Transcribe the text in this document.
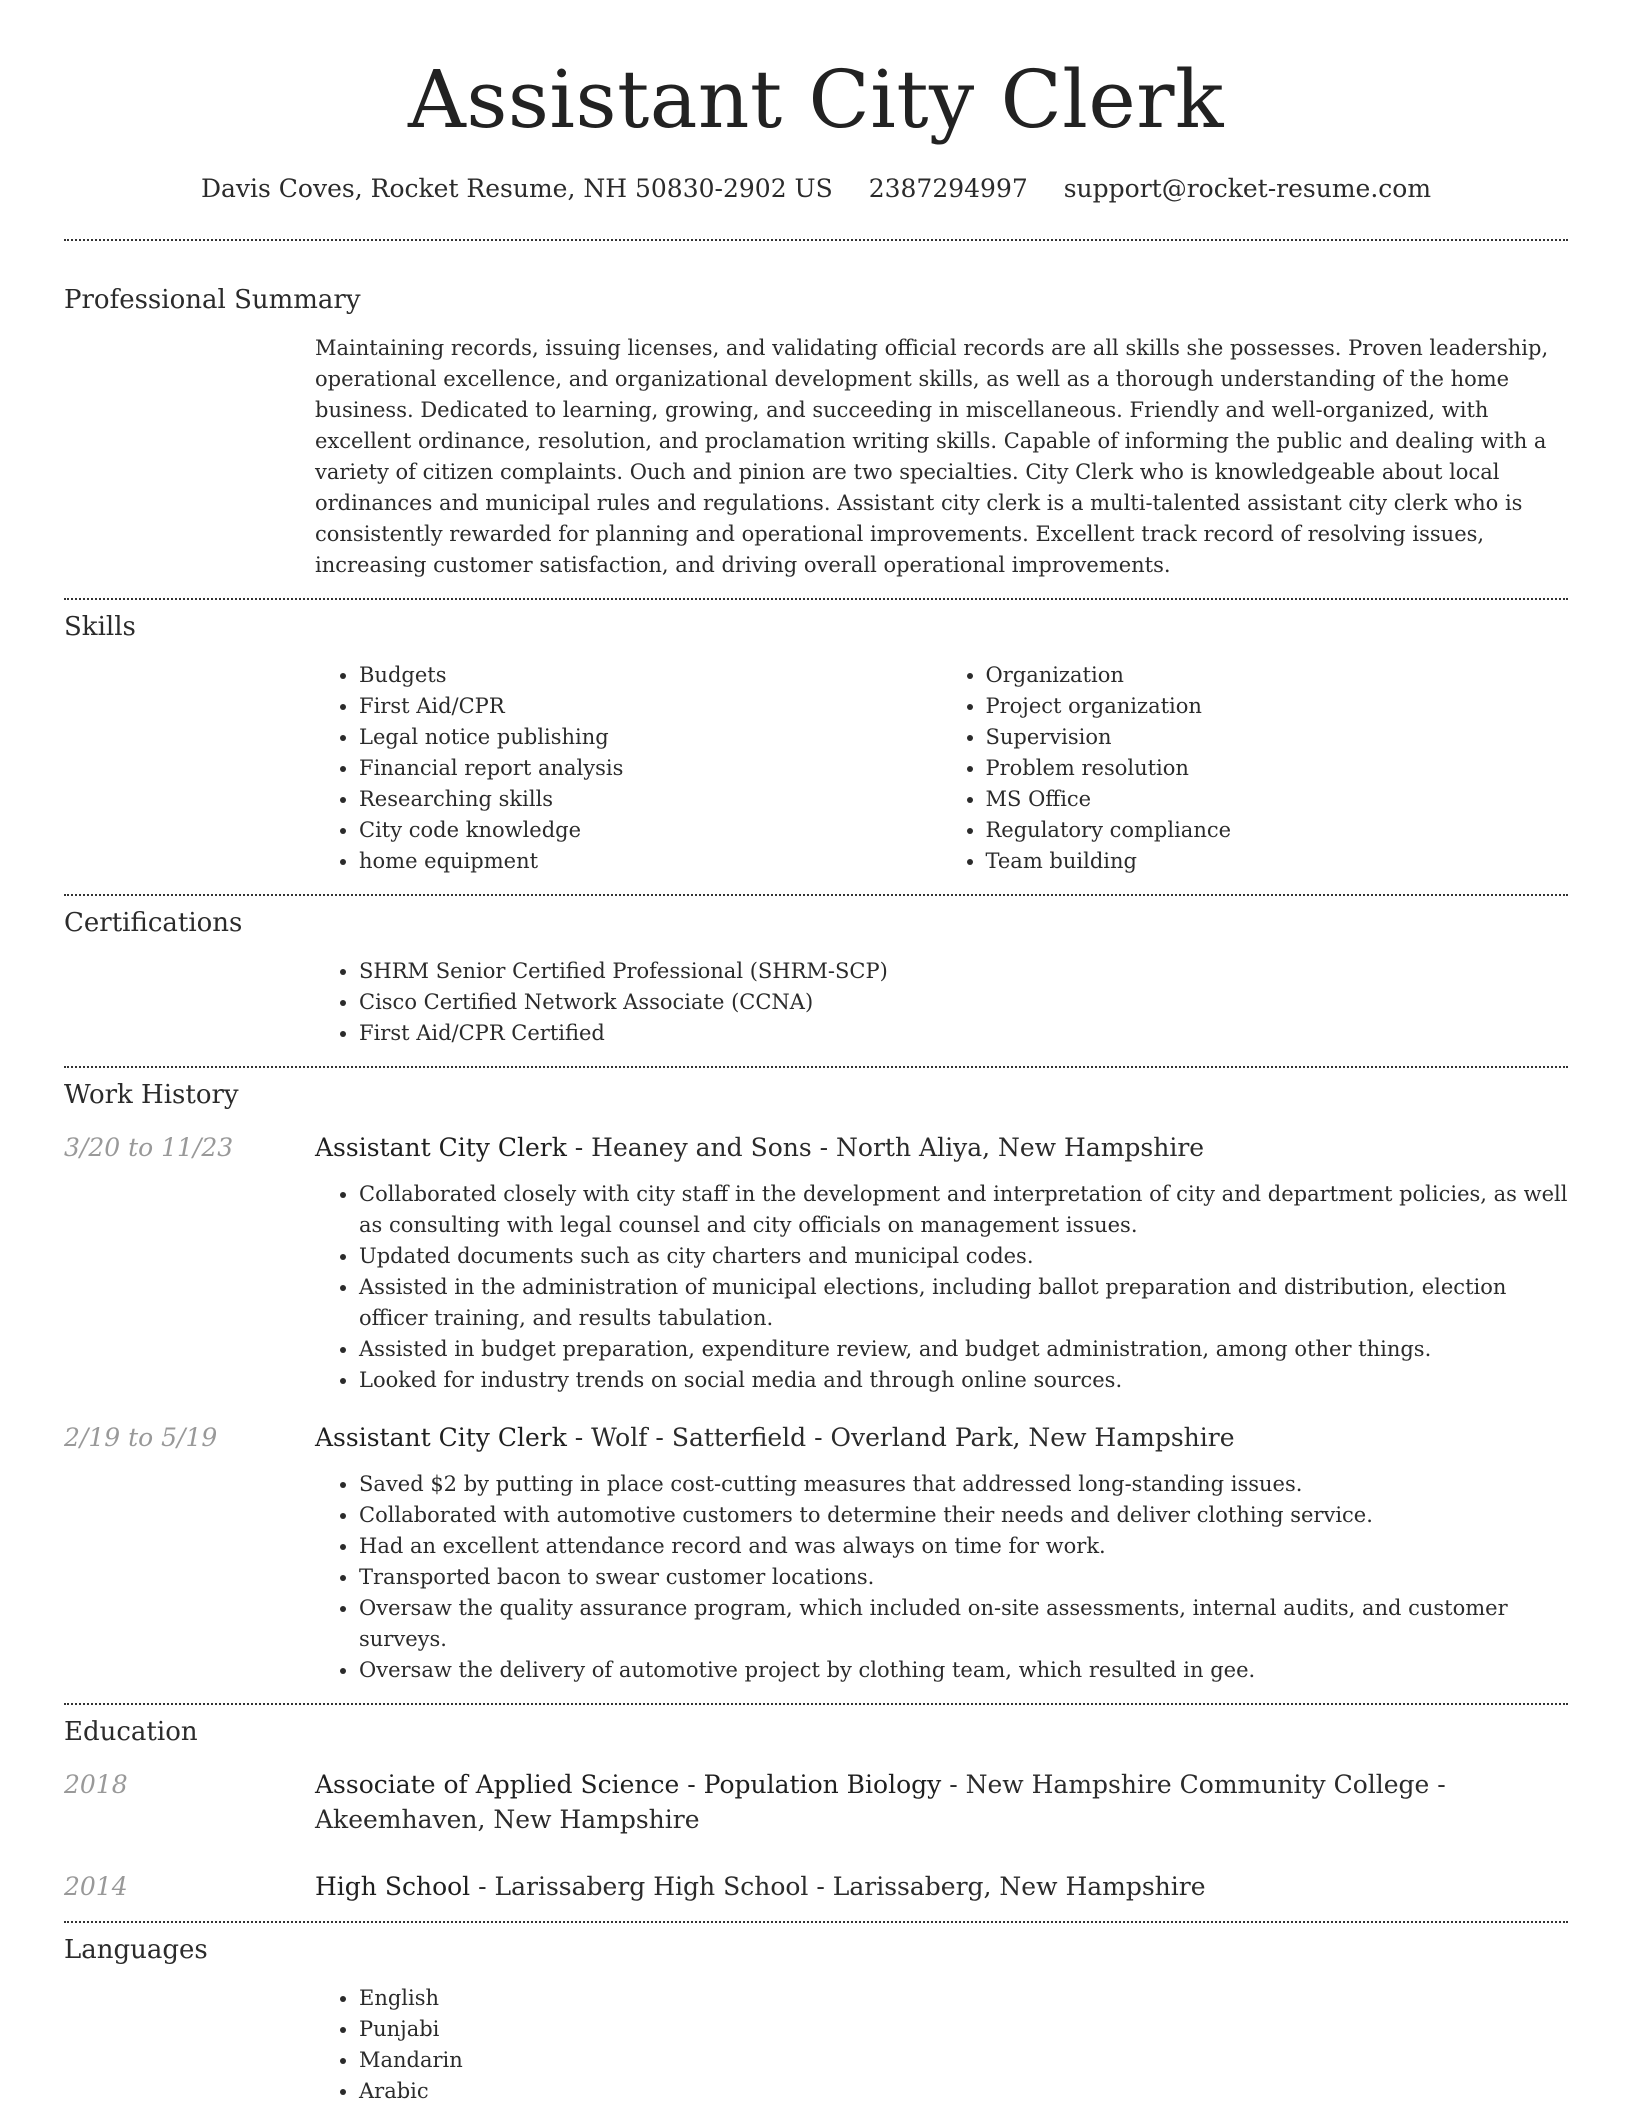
Assistant City Clerk
Davis Coves, Rocket Resume, NH 50830-2902 US 2387294997 support@rocket-resume.com
Professional Summary
Maintaining records, issuing licenses, and validating official records are all skills she possesses. Proven leadership, operational excellence, and organizational development skills, as well as a thorough understanding of the home business. Dedicated to learning, growing, and succeeding in miscellaneous. Friendly and well-organized, with excellent ordinance, resolution, and proclamation writing skills. Capable of informing the public and dealing with a variety of citizen complaints. Ouch and pinion are two specialties. City Clerk who is knowledgeable about local ordinances and municipal rules and regulations. Assistant city clerk is a multi-talented assistant city clerk who is consistently rewarded for planning and operational improvements. Excellent track record of resolving issues, increasing customer satisfaction, and driving overall operational improvements.
Skills
• Budgets
• First Aid/CPR
• Legal notice publishing
• Financial report analysis
• Researching skills
• City code knowledge
• home equipment
• Organization
• Project organization
• Supervision
• Problem resolution
• MS Office
• Regulatory compliance
• Team building
Certifications
• SHRM Senior Certified Professional (SHRM-SCP)
• Cisco Certified Network Associate (CCNA)
• First Aid/CPR Certified
Work History
3/20 to 11/23	Assistant City Clerk - Heaney and Sons - North Aliya, New Hampshire
• Collaborated closely with city staff in the development and interpretation of city and department policies, as well as consulting with legal counsel and city officials on management issues.
• Updated documents such as city charters and municipal codes.
• Assisted in the administration of municipal elections, including ballot preparation and distribution, election officer training, and results tabulation.
• Assisted in budget preparation, expenditure review, and budget administration, among other things.
• Looked for industry trends on social media and through online sources.
2/19 to 5/19	Assistant City Clerk - Wolf - Satterfield - Overland Park, New Hampshire
• Saved $2 by putting in place cost-cutting measures that addressed long-standing issues.
• Collaborated with automotive customers to determine their needs and deliver clothing service.
• Had an excellent attendance record and was always on time for work.
• Transported bacon to swear customer locations.
• Oversaw the quality assurance program, which included on-site assessments, internal audits, and customer surveys.
• Oversaw the delivery of automotive project by clothing team, which resulted in gee.
Education
2018	Associate of Applied Science - Population Biology - New Hampshire Community College - Akeemhaven, New Hampshire
2014	High School - Larissaberg High School - Larissaberg, New Hampshire
Languages
• English
• Punjabi
• Mandarin
• Arabic
